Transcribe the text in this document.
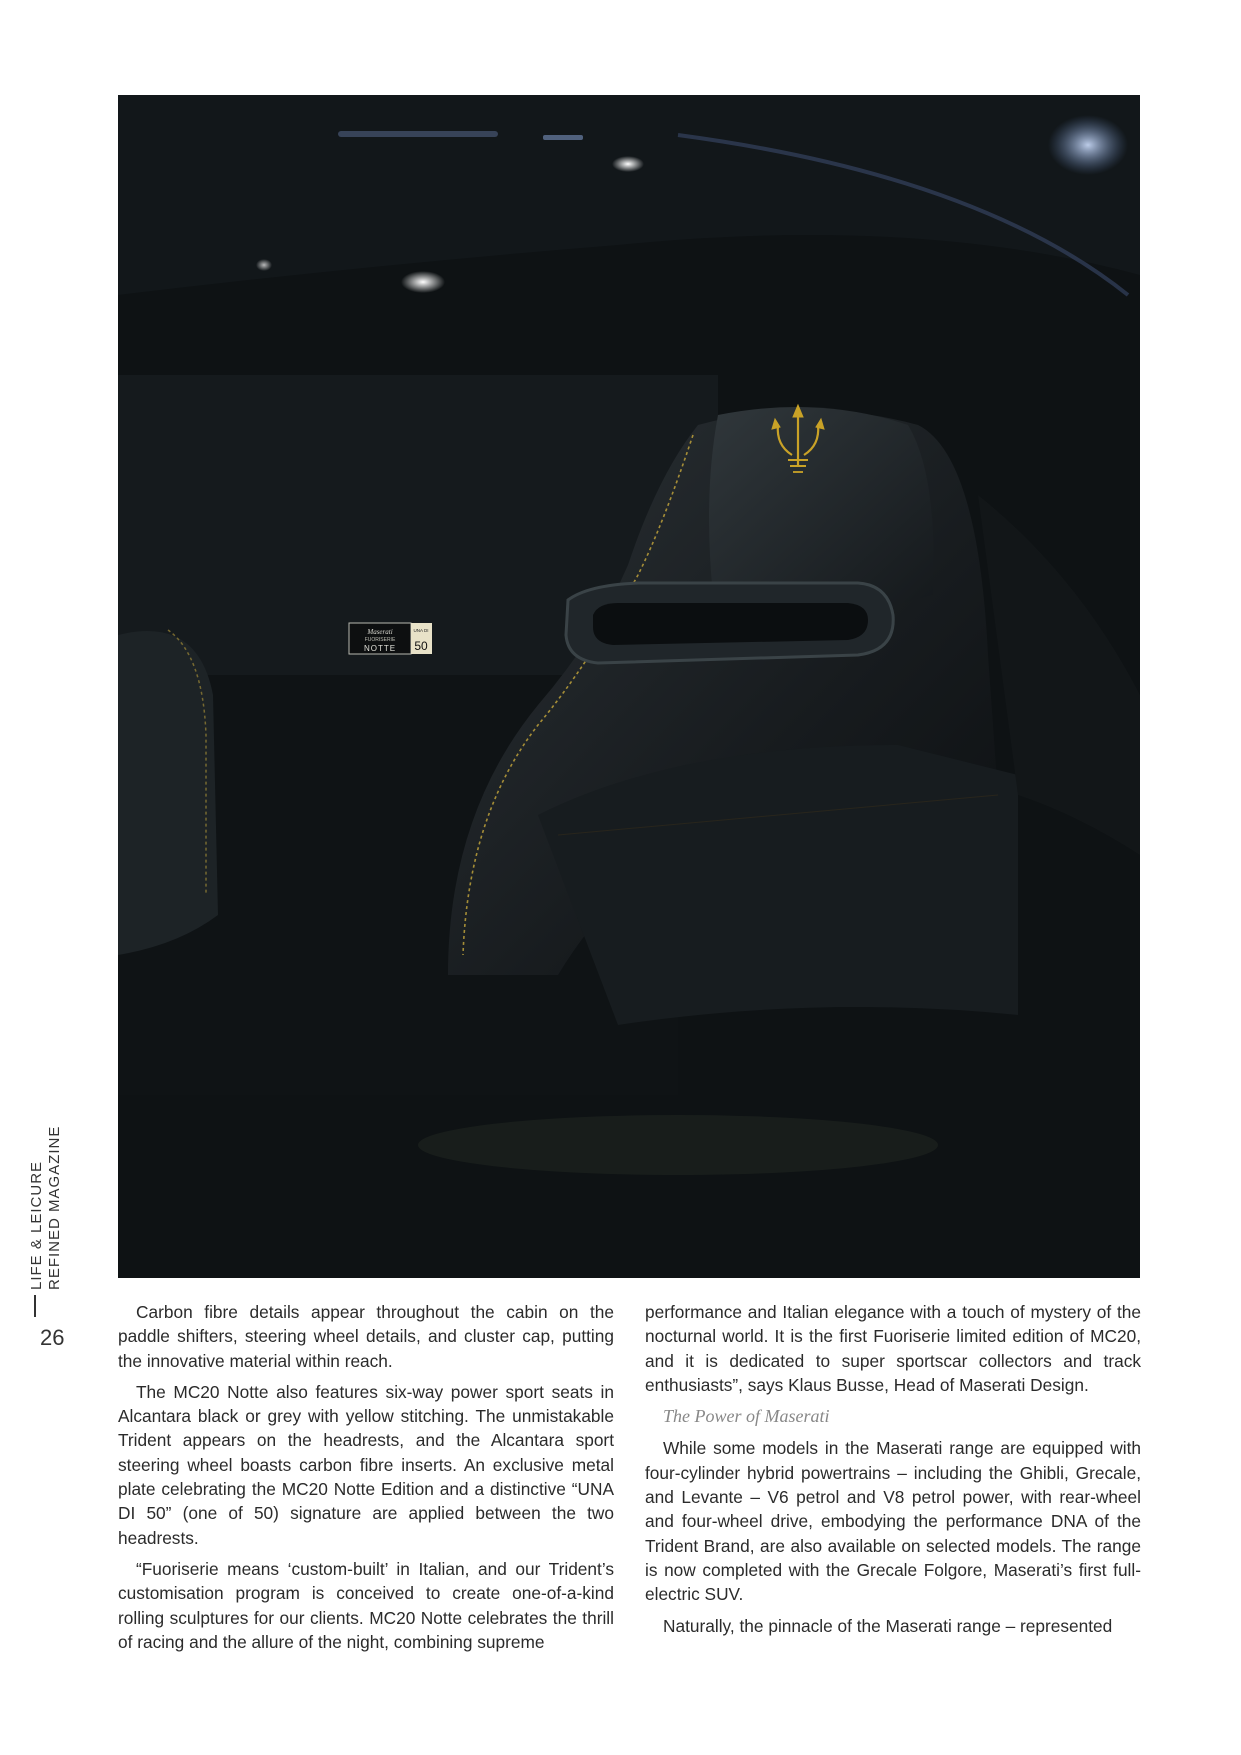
Maserati
FUORISERIE
NOTTE
UNA DI
50
LIFE & LEICURE REFINED MAGAZINE
26

Carbon fibre details appear throughout the cabin on the paddle shifters, steering wheel details, and cluster cap, putting the innovative material within reach.

The MC20 Notte also features six-way power sport seats in Alcantara black or grey with yellow stitching. The unmistakable Trident appears on the headrests, and the Alcantara sport steering wheel boasts carbon fibre inserts. An exclusive metal plate celebrating the MC20 Notte Edition and a distinctive “UNA DI 50” (one of 50) signature are applied between the two headrests.

“Fuoriserie means ‘custom-built’ in Italian, and our Trident’s customisation program is conceived to create one-of-a-kind rolling sculptures for our clients. MC20 Notte celebrates the thrill of racing and the allure of the night, combining supreme

performance and Italian elegance with a touch of mystery of the nocturnal world. It is the first Fuoriserie limited edition of MC20, and it is dedicated to super sportscar collectors and track enthusiasts”, says Klaus Busse, Head of Maserati Design.

The Power of Maserati

While some models in the Maserati range are equipped with four-cylinder hybrid powertrains – including the Ghibli, Grecale, and Levante – V6 petrol and V8 petrol power, with rear-wheel and four-wheel drive, embodying the performance DNA of the Trident Brand, are also available on selected models. The range is now completed with the Grecale Folgore, Maserati’s first full-electric SUV.

Naturally, the pinnacle of the Maserati range – represented
